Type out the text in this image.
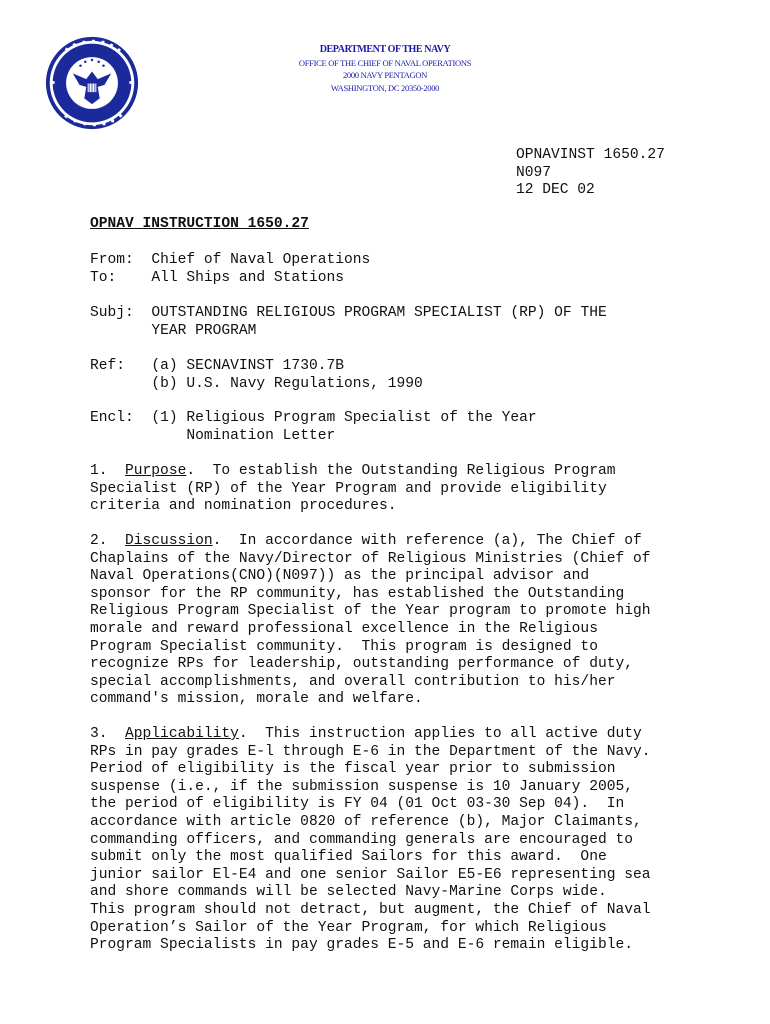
DEPARTMENT OF THE NAVY
OFFICE OF THE CHIEF OF NAVAL OPERATIONS
2000 NAVY PENTAGON
WASHINGTON, DC 20350-2000
OPNAVINST 1650.27
N097
12 DEC 02
OPNAV INSTRUCTION 1650.27
From: Chief of Naval Operations
To: All Ships and Stations
Subj: OUTSTANDING RELIGIOUS PROGRAM SPECIALIST (RP) OF THE
YEAR PROGRAM
Ref: (a) SECNAVINST 1730.7B
(b) U.S. Navy Regulations, 1990
Encl: (1) Religious Program Specialist of the Year
Nomination Letter
1.  Purpose.  To establish the Outstanding Religious Program
Specialist (RP) of the Year Program and provide eligibility
criteria and nomination procedures.
2.  Discussion.  In accordance with reference (a), The Chief of
Chaplains of the Navy/Director of Religious Ministries (Chief of
Naval Operations(CNO)(N097)) as the principal advisor and
sponsor for the RP community, has established the Outstanding
Religious Program Specialist of the Year program to promote high
morale and reward professional excellence in the Religious
Program Specialist community.  This program is designed to
recognize RPs for leadership, outstanding performance of duty,
special accomplishments, and overall contribution to his/her
command's mission, morale and welfare.
3.  Applicability.  This instruction applies to all active duty
RPs in pay grades E-l through E-6 in the Department of the Navy.
Period of eligibility is the fiscal year prior to submission
suspense (i.e., if the submission suspense is 10 January 2005,
the period of eligibility is FY 04 (01 Oct 03-30 Sep 04).  In
accordance with article 0820 of reference (b), Major Claimants,
commanding officers, and commanding generals are encouraged to
submit only the most qualified Sailors for this award.  One
junior sailor El-E4 and one senior Sailor E5-E6 representing sea
and shore commands will be selected Navy-Marine Corps wide.
This program should not detract, but augment, the Chief of Naval
Operation’s Sailor of the Year Program, for which Religious
Program Specialists in pay grades E-5 and E-6 remain eligible.
